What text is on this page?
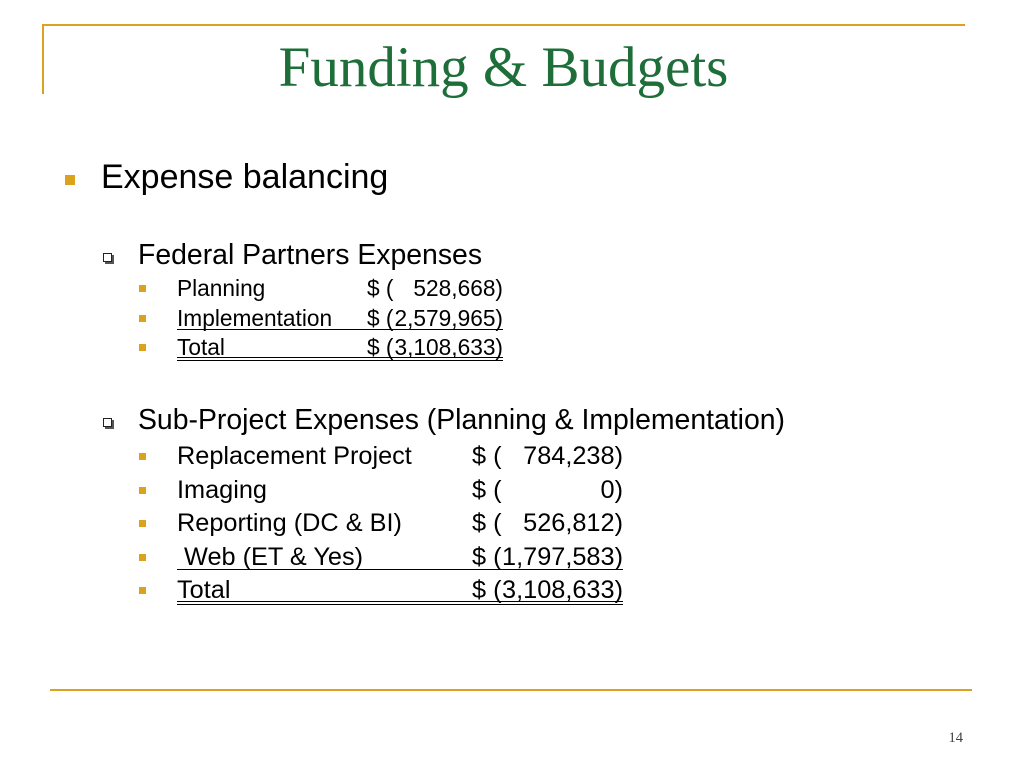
Funding & Budgets
Expense balancing
Federal Partners Expenses
Planning	$ ( 528,668)
Implementation	$ ( 2,579,965)
Total	$ ( 3,108,633)
Sub-Project Expenses (Planning & Implementation)
Replacement Project	$ ( 784,238)
Imaging	$ (	0)
Reporting (DC & BI)	$ ( 526,812)
Web (ET & Yes)	$ ( 1,797,583)
Total	$ ( 3,108,633)
14
